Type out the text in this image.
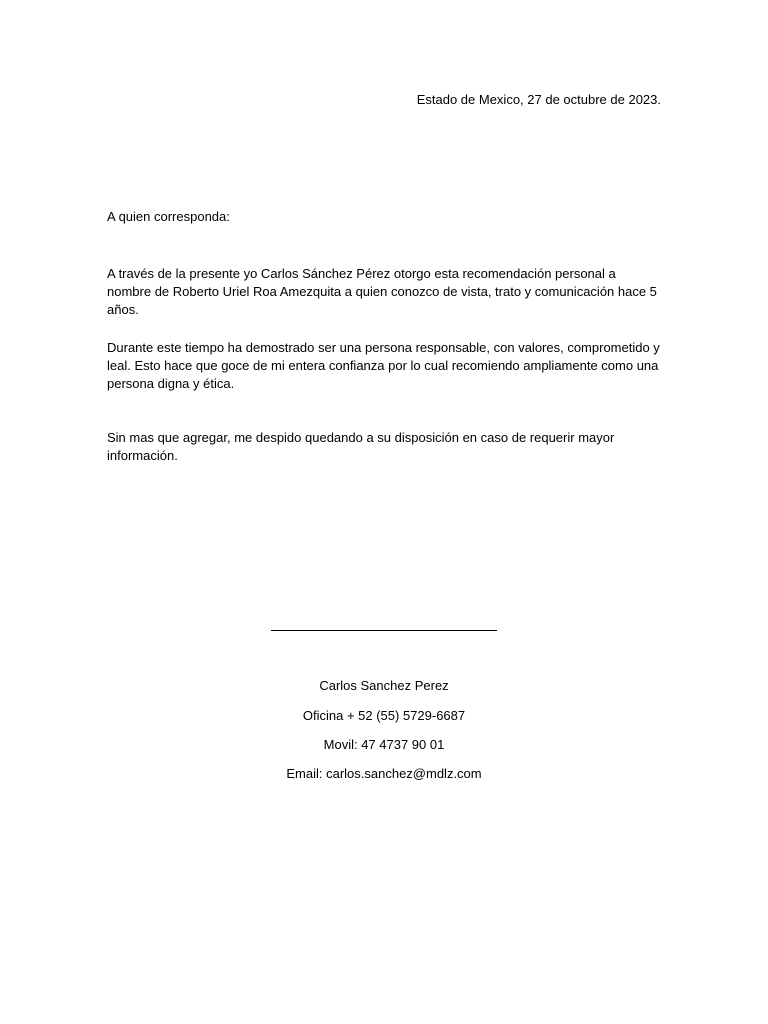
Estado de Mexico, 27 de octubre de 2023.

A quien corresponda:

A través de la presente yo Carlos Sánchez Pérez otorgo esta recomendación personal a nombre de Roberto Uriel Roa Amezquita a quien conozco de vista, trato y comunicación hace 5 años.

Durante este tiempo ha demostrado ser una persona responsable, con valores, comprometido y leal. Esto hace que goce de mi entera confianza por lo cual recomiendo ampliamente como una persona digna y ética.

Sin mas que agregar, me despido quedando a su disposición en caso de requerir mayor información.

Carlos Sanchez Perez
Oficina + 52 (55) 5729-6687
Movil: 47 4737 90 01
Email: carlos.sanchez@mdlz.com
